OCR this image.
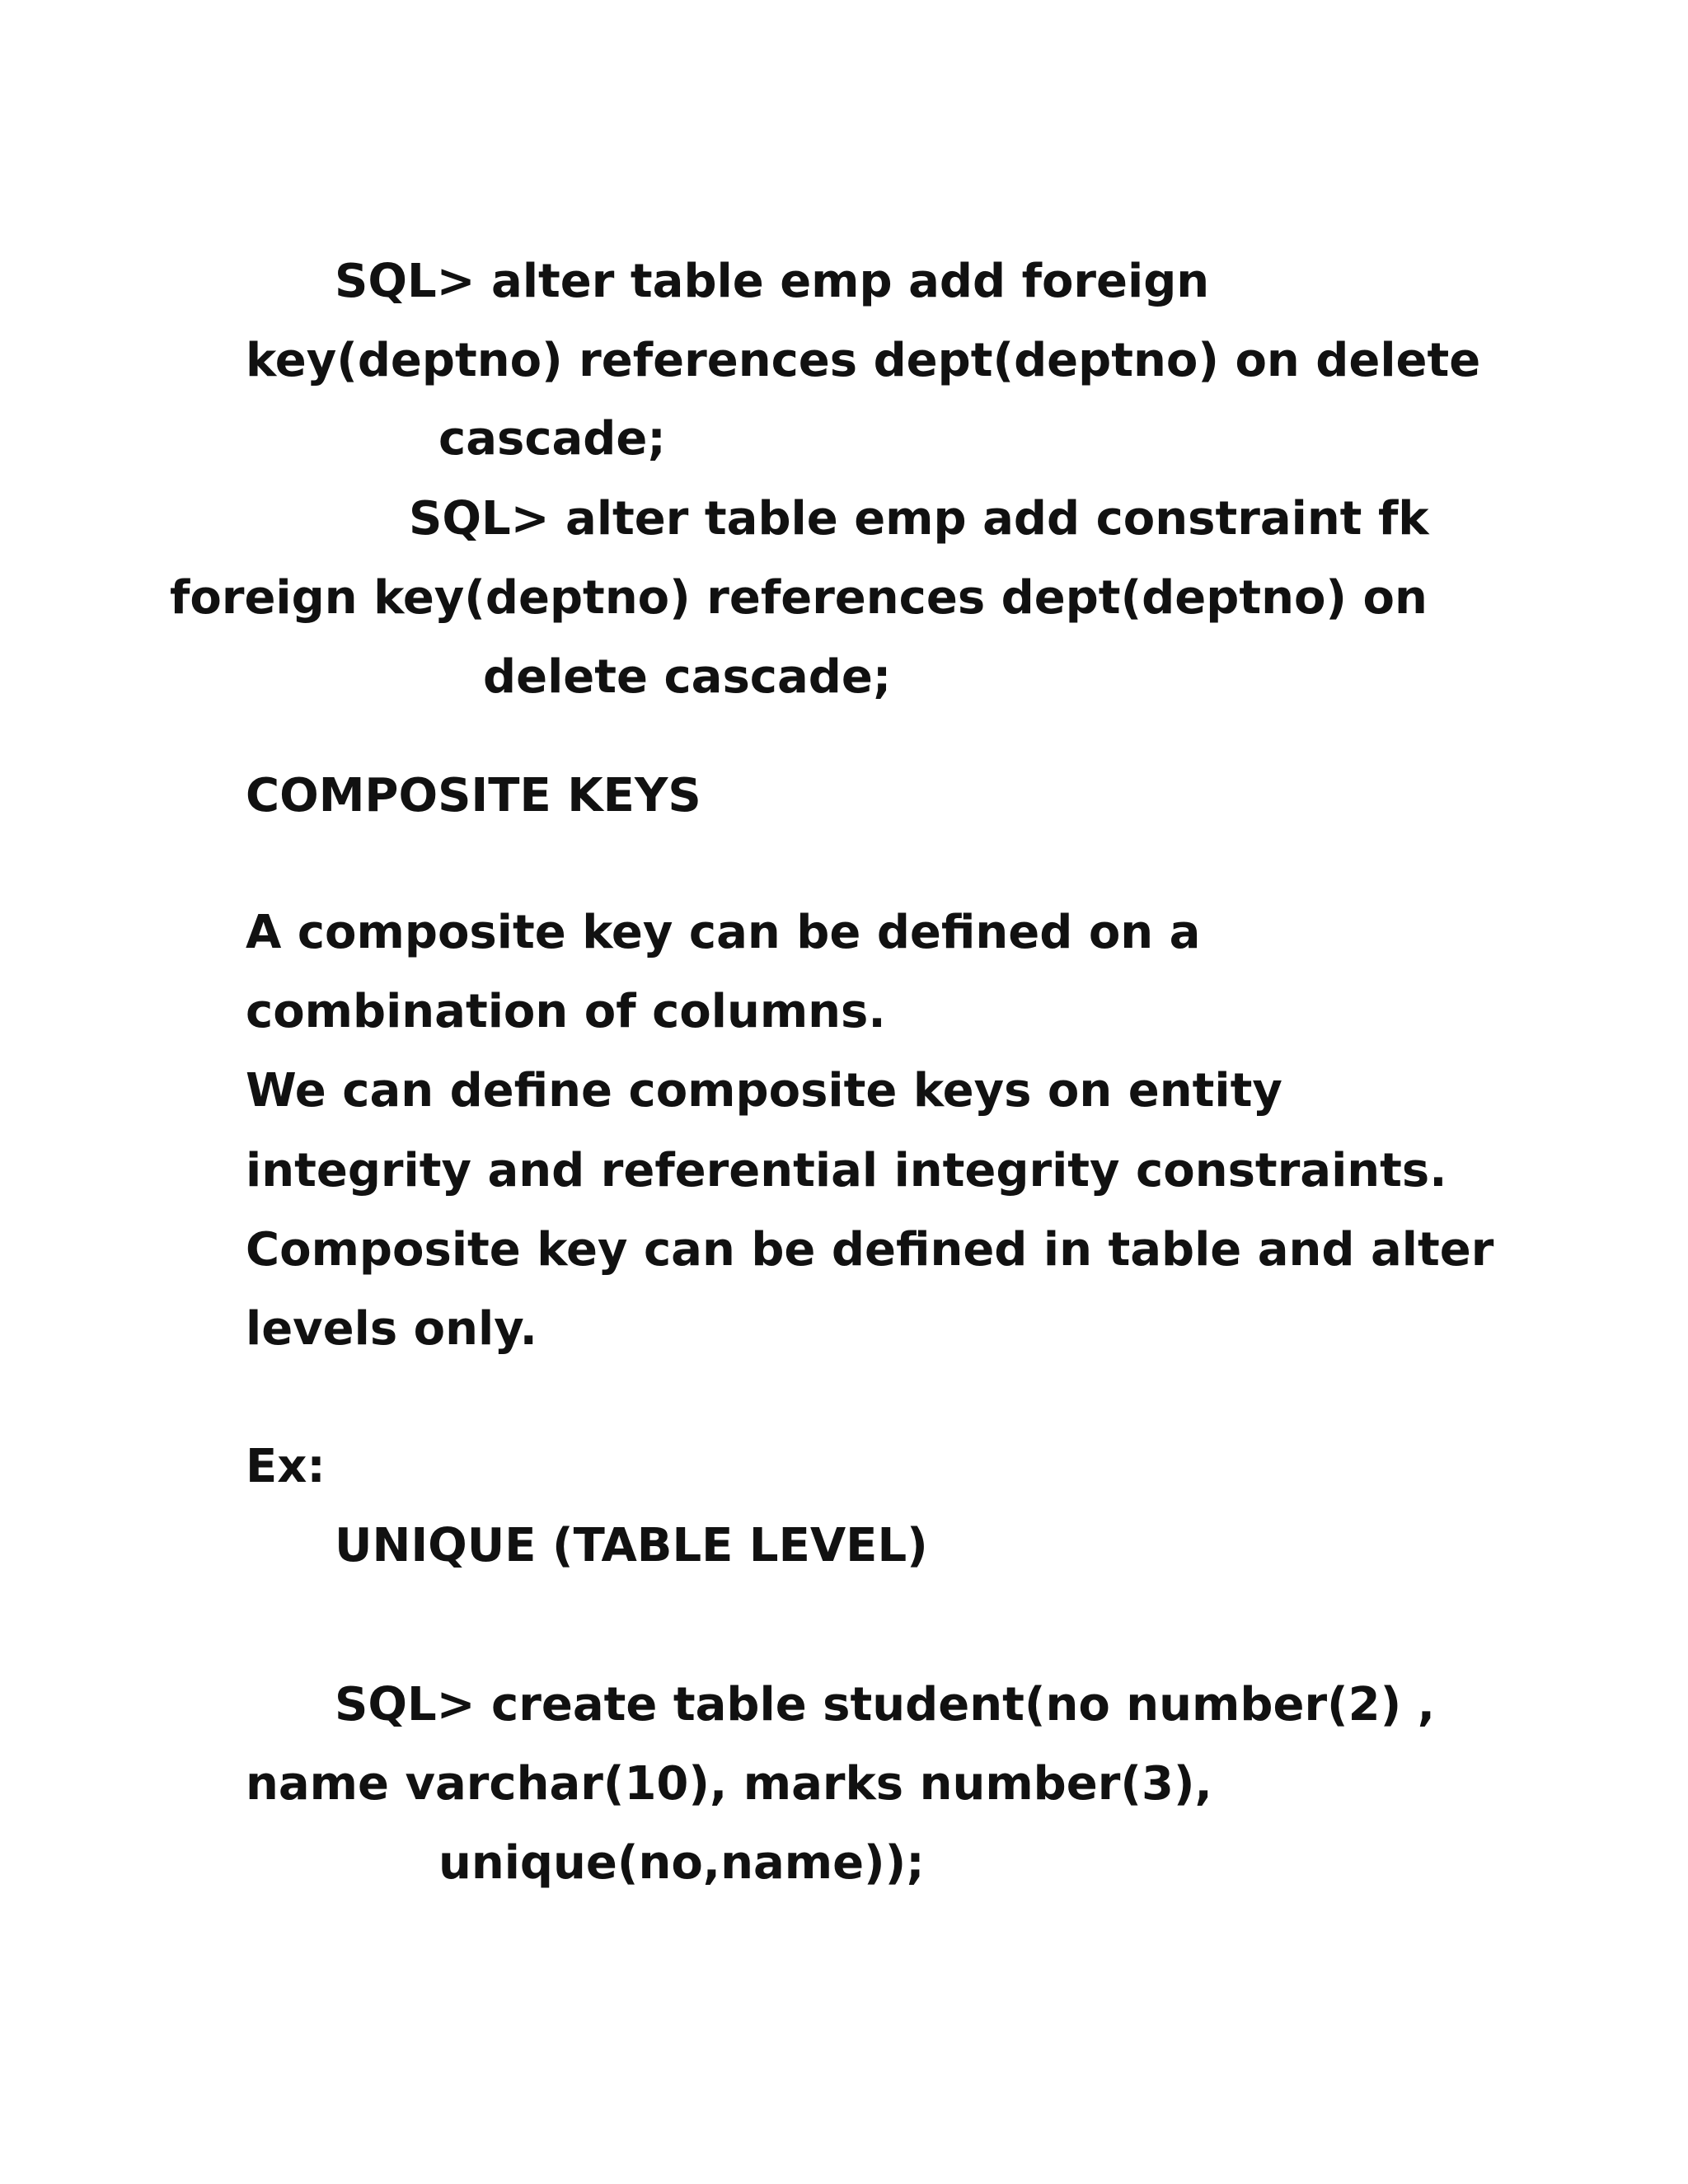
SQL> alter table emp add foreign

key(deptno) references dept(deptno) on delete

cascade;

SQL> alter table emp add constraint fk

foreign key(deptno) references dept(deptno) on

delete cascade;

COMPOSITE KEYS

A composite key can be defined on a

combination of columns.

We can define composite keys on entity

integrity and referential integrity constraints.

Composite key can be defined in table and alter

levels only.

Ex:

UNIQUE (TABLE LEVEL)

SQL> create table student(no number(2) ,

name varchar(10), marks number(3),

unique(no,name));
